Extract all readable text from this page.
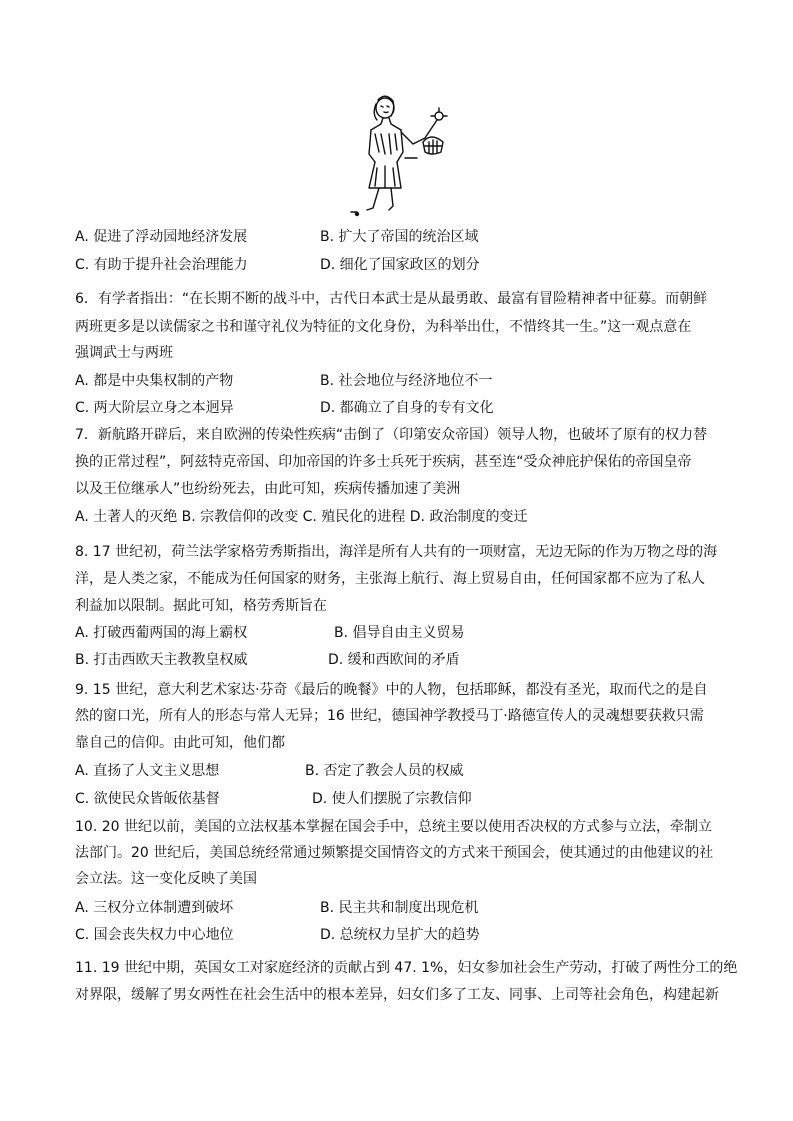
A. 促进了浮动园地经济发展	B. 扩大了帝国的统治区域
C. 有助于提升社会治理能力	D. 细化了国家政区的划分
6．有学者指出：“在长期不断的战斗中，古代日本武士是从最勇敢、最富有冒险精神者中征募。而朝鲜
两班更多是以读儒家之书和谨守礼仪为特征的文化身份，为科举出仕，不惜终其一生。”这一观点意在
强调武士与两班
A. 都是中央集权制的产物	B. 社会地位与经济地位不一
C. 两大阶层立身之本迥异	D. 都确立了自身的专有文化
7．新航路开辟后，来自欧洲的传染性疾病“击倒了（印第安众帝国）领导人物，也破坏了原有的权力替
换的正常过程”，阿兹特克帝国、印加帝国的许多士兵死于疾病，甚至连“受众神庇护保佑的帝国皇帝
以及王位继承人”也纷纷死去，由此可知，疾病传播加速了美洲
A. 土著人的灭绝 B. 宗教信仰的改变 C. 殖民化的进程 D. 政治制度的变迁
8. 17 世纪初，荷兰法学家格劳秀斯指出，海洋是所有人共有的一项财富，无边无际的作为万物之母的海
洋，是人类之家，不能成为任何国家的财务，主张海上航行、海上贸易自由，任何国家都不应为了私人
利益加以限制。据此可知，格劳秀斯旨在
A. 打破西葡两国的海上霸权	B. 倡导自由主义贸易
B. 打击西欧天主教教皇权威	D. 缓和西欧间的矛盾
9. 15 世纪，意大利艺术家达·芬奇《最后的晚餐》中的人物，包括耶稣，都没有圣光，取而代之的是自
然的窗口光，所有人的形态与常人无异；16 世纪，德国神学教授马丁·路德宣传人的灵魂想要获救只需
靠自己的信仰。由此可知，他们都
A. 直扬了人文主义思想	B. 否定了教会人员的权威
C. 欲使民众皆皈依基督	D. 使人们摆脱了宗教信仰
10. 20 世纪以前，美国的立法权基本掌握在国会手中，总统主要以使用否决权的方式参与立法，牵制立
法部门。20 世纪后，美国总统经常通过频繁提交国情咨文的方式来干预国会，使其通过的由他建议的社
会立法。这一变化反映了美国
A. 三权分立体制遭到破坏	B. 民主共和制度出现危机
C. 国会丧失权力中心地位	D. 总统权力呈扩大的趋势
11. 19 世纪中期，英国女工对家庭经济的贡献占到 47. 1%，妇女参加社会生产劳动，打破了两性分工的绝
对界限，缓解了男女两性在社会生活中的根本差异，妇女们多了工友、同事、上司等社会角色，构建起新
